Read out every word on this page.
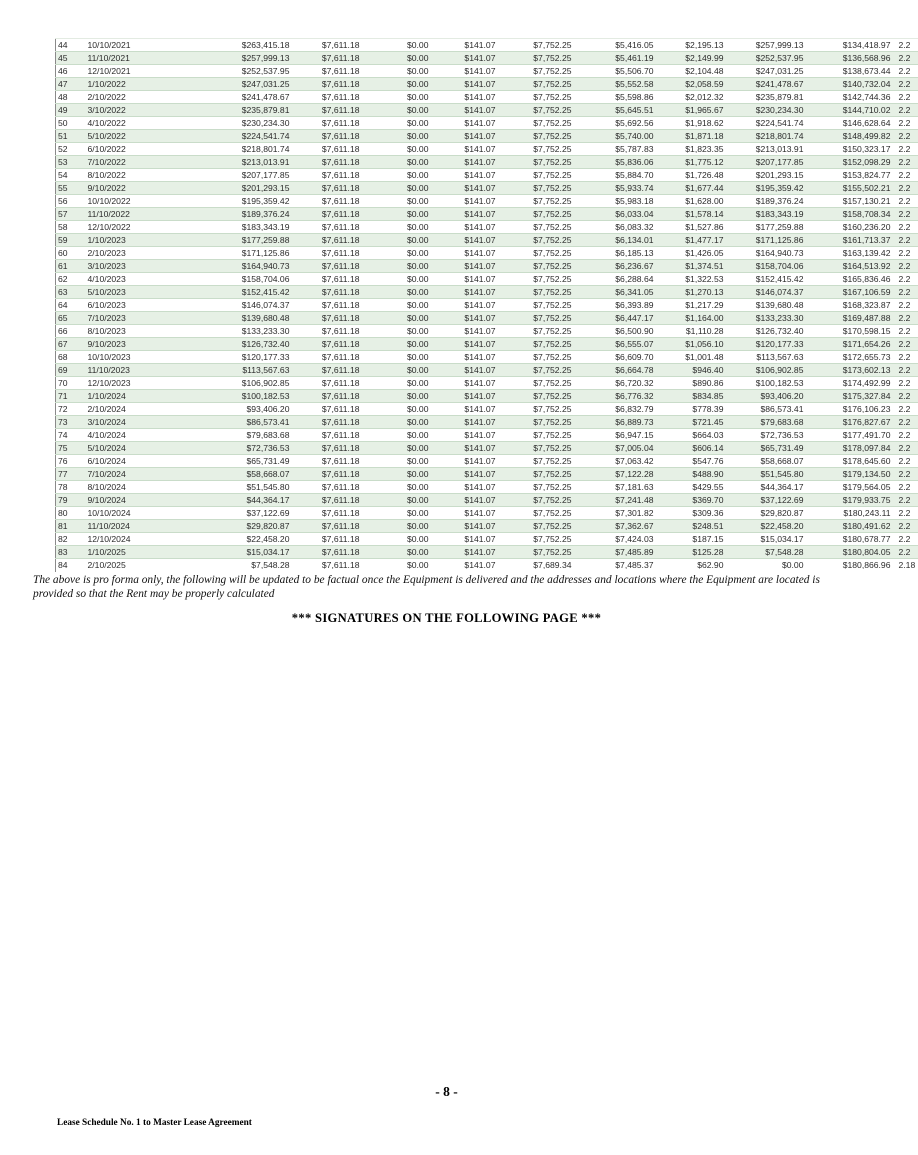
44	10/10/2021	$263,415.18	$7,611.18	$0.00	$141.07	$7,752.25	$5,416.05	$2,195.13	$257,999.13	$134,418.97	2.2
45	11/10/2021	$257,999.13	$7,611.18	$0.00	$141.07	$7,752.25	$5,461.19	$2,149.99	$252,537.95	$136,568.96	2.2
46	12/10/2021	$252,537.95	$7,611.18	$0.00	$141.07	$7,752.25	$5,506.70	$2,104.48	$247,031.25	$138,673.44	2.2
47	1/10/2022	$247,031.25	$7,611.18	$0.00	$141.07	$7,752.25	$5,552.58	$2,058.59	$241,478.67	$140,732.04	2.2
48	2/10/2022	$241,478.67	$7,611.18	$0.00	$141.07	$7,752.25	$5,598.86	$2,012.32	$235,879.81	$142,744.36	2.2
49	3/10/2022	$235,879.81	$7,611.18	$0.00	$141.07	$7,752.25	$5,645.51	$1,965.67	$230,234.30	$144,710.02	2.2
50	4/10/2022	$230,234.30	$7,611.18	$0.00	$141.07	$7,752.25	$5,692.56	$1,918.62	$224,541.74	$146,628.64	2.2
51	5/10/2022	$224,541.74	$7,611.18	$0.00	$141.07	$7,752.25	$5,740.00	$1,871.18	$218,801.74	$148,499.82	2.2
52	6/10/2022	$218,801.74	$7,611.18	$0.00	$141.07	$7,752.25	$5,787.83	$1,823.35	$213,013.91	$150,323.17	2.2
53	7/10/2022	$213,013.91	$7,611.18	$0.00	$141.07	$7,752.25	$5,836.06	$1,775.12	$207,177.85	$152,098.29	2.2
54	8/10/2022	$207,177.85	$7,611.18	$0.00	$141.07	$7,752.25	$5,884.70	$1,726.48	$201,293.15	$153,824.77	2.2
55	9/10/2022	$201,293.15	$7,611.18	$0.00	$141.07	$7,752.25	$5,933.74	$1,677.44	$195,359.42	$155,502.21	2.2
56	10/10/2022	$195,359.42	$7,611.18	$0.00	$141.07	$7,752.25	$5,983.18	$1,628.00	$189,376.24	$157,130.21	2.2
57	11/10/2022	$189,376.24	$7,611.18	$0.00	$141.07	$7,752.25	$6,033.04	$1,578.14	$183,343.19	$158,708.34	2.2
58	12/10/2022	$183,343.19	$7,611.18	$0.00	$141.07	$7,752.25	$6,083.32	$1,527.86	$177,259.88	$160,236.20	2.2
59	1/10/2023	$177,259.88	$7,611.18	$0.00	$141.07	$7,752.25	$6,134.01	$1,477.17	$171,125.86	$161,713.37	2.2
60	2/10/2023	$171,125.86	$7,611.18	$0.00	$141.07	$7,752.25	$6,185.13	$1,426.05	$164,940.73	$163,139.42	2.2
61	3/10/2023	$164,940.73	$7,611.18	$0.00	$141.07	$7,752.25	$6,236.67	$1,374.51	$158,704.06	$164,513.92	2.2
62	4/10/2023	$158,704.06	$7,611.18	$0.00	$141.07	$7,752.25	$6,288.64	$1,322.53	$152,415.42	$165,836.46	2.2
63	5/10/2023	$152,415.42	$7,611.18	$0.00	$141.07	$7,752.25	$6,341.05	$1,270.13	$146,074.37	$167,106.59	2.2
64	6/10/2023	$146,074.37	$7,611.18	$0.00	$141.07	$7,752.25	$6,393.89	$1,217.29	$139,680.48	$168,323.87	2.2
65	7/10/2023	$139,680.48	$7,611.18	$0.00	$141.07	$7,752.25	$6,447.17	$1,164.00	$133,233.30	$169,487.88	2.2
66	8/10/2023	$133,233.30	$7,611.18	$0.00	$141.07	$7,752.25	$6,500.90	$1,110.28	$126,732.40	$170,598.15	2.2
67	9/10/2023	$126,732.40	$7,611.18	$0.00	$141.07	$7,752.25	$6,555.07	$1,056.10	$120,177.33	$171,654.26	2.2
68	10/10/2023	$120,177.33	$7,611.18	$0.00	$141.07	$7,752.25	$6,609.70	$1,001.48	$113,567.63	$172,655.73	2.2
69	11/10/2023	$113,567.63	$7,611.18	$0.00	$141.07	$7,752.25	$6,664.78	$946.40	$106,902.85	$173,602.13	2.2
70	12/10/2023	$106,902.85	$7,611.18	$0.00	$141.07	$7,752.25	$6,720.32	$890.86	$100,182.53	$174,492.99	2.2
71	1/10/2024	$100,182.53	$7,611.18	$0.00	$141.07	$7,752.25	$6,776.32	$834.85	$93,406.20	$175,327.84	2.2
72	2/10/2024	$93,406.20	$7,611.18	$0.00	$141.07	$7,752.25	$6,832.79	$778.39	$86,573.41	$176,106.23	2.2
73	3/10/2024	$86,573.41	$7,611.18	$0.00	$141.07	$7,752.25	$6,889.73	$721.45	$79,683.68	$176,827.67	2.2
74	4/10/2024	$79,683.68	$7,611.18	$0.00	$141.07	$7,752.25	$6,947.15	$664.03	$72,736.53	$177,491.70	2.2
75	5/10/2024	$72,736.53	$7,611.18	$0.00	$141.07	$7,752.25	$7,005.04	$606.14	$65,731.49	$178,097.84	2.2
76	6/10/2024	$65,731.49	$7,611.18	$0.00	$141.07	$7,752.25	$7,063.42	$547.76	$58,668.07	$178,645.60	2.2
77	7/10/2024	$58,668.07	$7,611.18	$0.00	$141.07	$7,752.25	$7,122.28	$488.90	$51,545.80	$179,134.50	2.2
78	8/10/2024	$51,545.80	$7,611.18	$0.00	$141.07	$7,752.25	$7,181.63	$429.55	$44,364.17	$179,564.05	2.2
79	9/10/2024	$44,364.17	$7,611.18	$0.00	$141.07	$7,752.25	$7,241.48	$369.70	$37,122.69	$179,933.75	2.2
80	10/10/2024	$37,122.69	$7,611.18	$0.00	$141.07	$7,752.25	$7,301.82	$309.36	$29,820.87	$180,243.11	2.2
81	11/10/2024	$29,820.87	$7,611.18	$0.00	$141.07	$7,752.25	$7,362.67	$248.51	$22,458.20	$180,491.62	2.2
82	12/10/2024	$22,458.20	$7,611.18	$0.00	$141.07	$7,752.25	$7,424.03	$187.15	$15,034.17	$180,678.77	2.2
83	1/10/2025	$15,034.17	$7,611.18	$0.00	$141.07	$7,752.25	$7,485.89	$125.28	$7,548.28	$180,804.05	2.2
84	2/10/2025	$7,548.28	$7,611.18	$0.00	$141.07	$7,689.34	$7,485.37	$62.90	$0.00	$180,866.96	2.18
The above is pro forma only, the following will be updated to be factual once the Equipment is delivered and the addresses and locations where the Equipment are located is provided so that the Rent may be properly calculated
*** SIGNATURES ON THE FOLLOWING PAGE ***
- 8 -
Lease Schedule No. 1 to Master Lease Agreement
